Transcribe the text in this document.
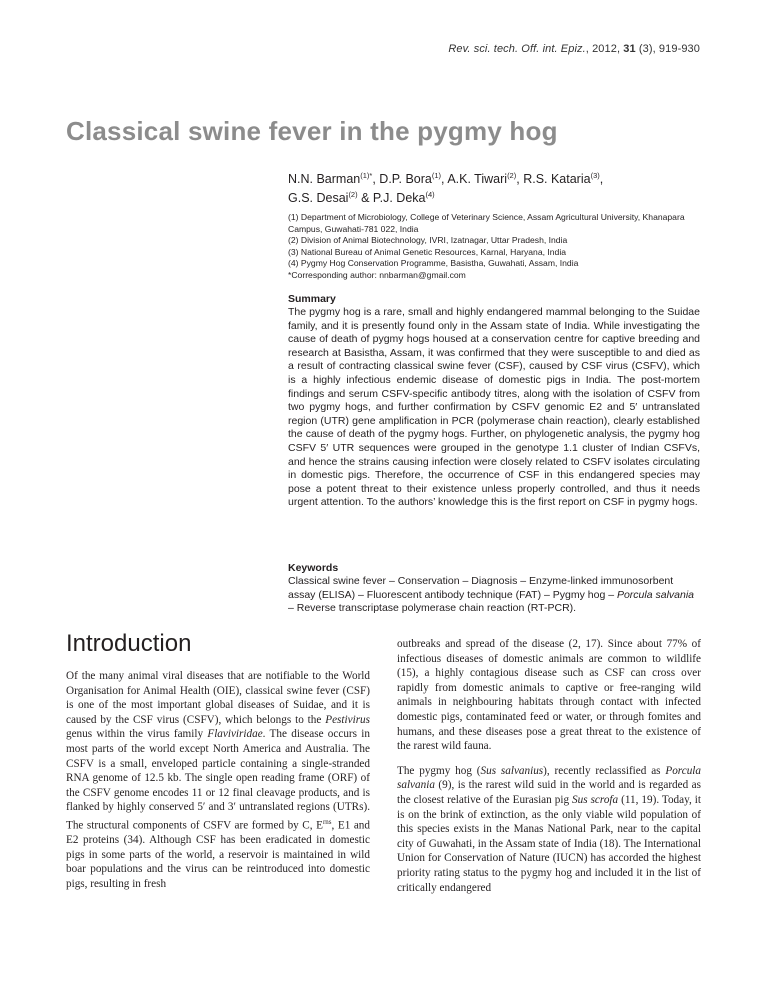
Rev. sci. tech. Off. int. Epiz., 2012, 31 (3), 919-930
Classical swine fever in the pygmy hog
N.N. Barman$^{(1)*}$, D.P. Bora$^{(1)}$, A.K. Tiwari$^{(2)}$, R.S. Kataria$^{(3)}$,
G.S. Desai$^{(2)}$ & P.J. Deka$^{(4)}$
(1) Department of Microbiology, College of Veterinary Science, Assam Agricultural University, Khanapara
Campus, Guwahati-781 022, India
(2) Division of Animal Biotechnology, IVRI, Izatnagar, Uttar Pradesh, India
(3) National Bureau of Animal Genetic Resources, Karnal, Haryana, India
(4) Pygmy Hog Conservation Programme, Basistha, Guwahati, Assam, India
*Corresponding author: nnbarman@gmail.com
Summary

The pygmy hog is a rare, small and highly endangered mammal belonging to the Suidae family, and it is presently found only in the Assam state of India. While investigating the cause of death of pygmy hogs housed at a conservation centre for captive breeding and research at Basistha, Assam, it was confirmed that they were susceptible to and died as a result of contracting classical swine fever (CSF), caused by CSF virus (CSFV), which is a highly infectious endemic disease of domestic pigs in India. The post-mortem findings and serum CSFV-specific antibody titres, along with the isolation of CSFV from two pygmy hogs, and further confirmation by CSFV genomic E2 and 5′ untranslated region (UTR) gene amplification in PCR (polymerase chain reaction), clearly established the cause of death of the pygmy hogs. Further, on phylogenetic analysis, the pygmy hog CSFV 5′ UTR sequences were grouped in the genotype 1.1 cluster of Indian CSFVs, and hence the strains causing infection were closely related to CSFV isolates circulating in domestic pigs. Therefore, the occurrence of CSF in this endangered species may pose a potent threat to their existence unless properly controlled, and thus it needs urgent attention. To the authors’ knowledge this is the first report on CSF in pygmy hogs.

Keywords

Classical swine fever – Conservation – Diagnosis – Enzyme-linked immunosorbent assay (ELISA) – Fluorescent antibody technique (FAT) – Pygmy hog – Porcula salvania – Reverse transcriptase polymerase chain reaction (RT-PCR).

Introduction

Of the many animal viral diseases that are notifiable to the World Organisation for Animal Health (OIE), classical swine fever (CSF) is one of the most important global diseases of Suidae, and it is caused by the CSF virus (CSFV), which belongs to the Pestivirus genus within the virus family Flaviviridae. The disease occurs in most parts of the world except North America and Australia. The CSFV is a small, enveloped particle containing a single-stranded RNA genome of 12.5 kb. The single open reading frame (ORF) of the CSFV genome encodes 11 or 12 final cleavage products, and is flanked by highly conserved 5′ and 3′ untranslated regions (UTRs). The structural components of CSFV are formed by C, $E^{rns}$, E1 and E2 proteins (34). Although CSF has been eradicated in domestic pigs in some parts of the world, a reservoir is maintained in wild boar populations and the virus can be reintroduced into domestic pigs, resulting in fresh

outbreaks and spread of the disease (2, 17). Since about 77% of infectious diseases of domestic animals are common to wildlife (15), a highly contagious disease such as CSF can cross over rapidly from domestic animals to captive or free-ranging wild animals in neighbouring habitats through contact with infected domestic pigs, contaminated feed or water, or through fomites and humans, and these diseases pose a great threat to the existence of the rarest wild fauna.

The pygmy hog (Sus salvanius), recently reclassified as Porcula salvania (9), is the rarest wild suid in the world and is regarded as the closest relative of the Eurasian pig Sus scrofa (11, 19). Today, it is on the brink of extinction, as the only viable wild population of this species exists in the Manas National Park, near to the capital city of Guwahati, in the Assam state of India (18). The International Union for Conservation of Nature (IUCN) has accorded the highest priority rating status to the pygmy hog and included it in the list of critically endangered
